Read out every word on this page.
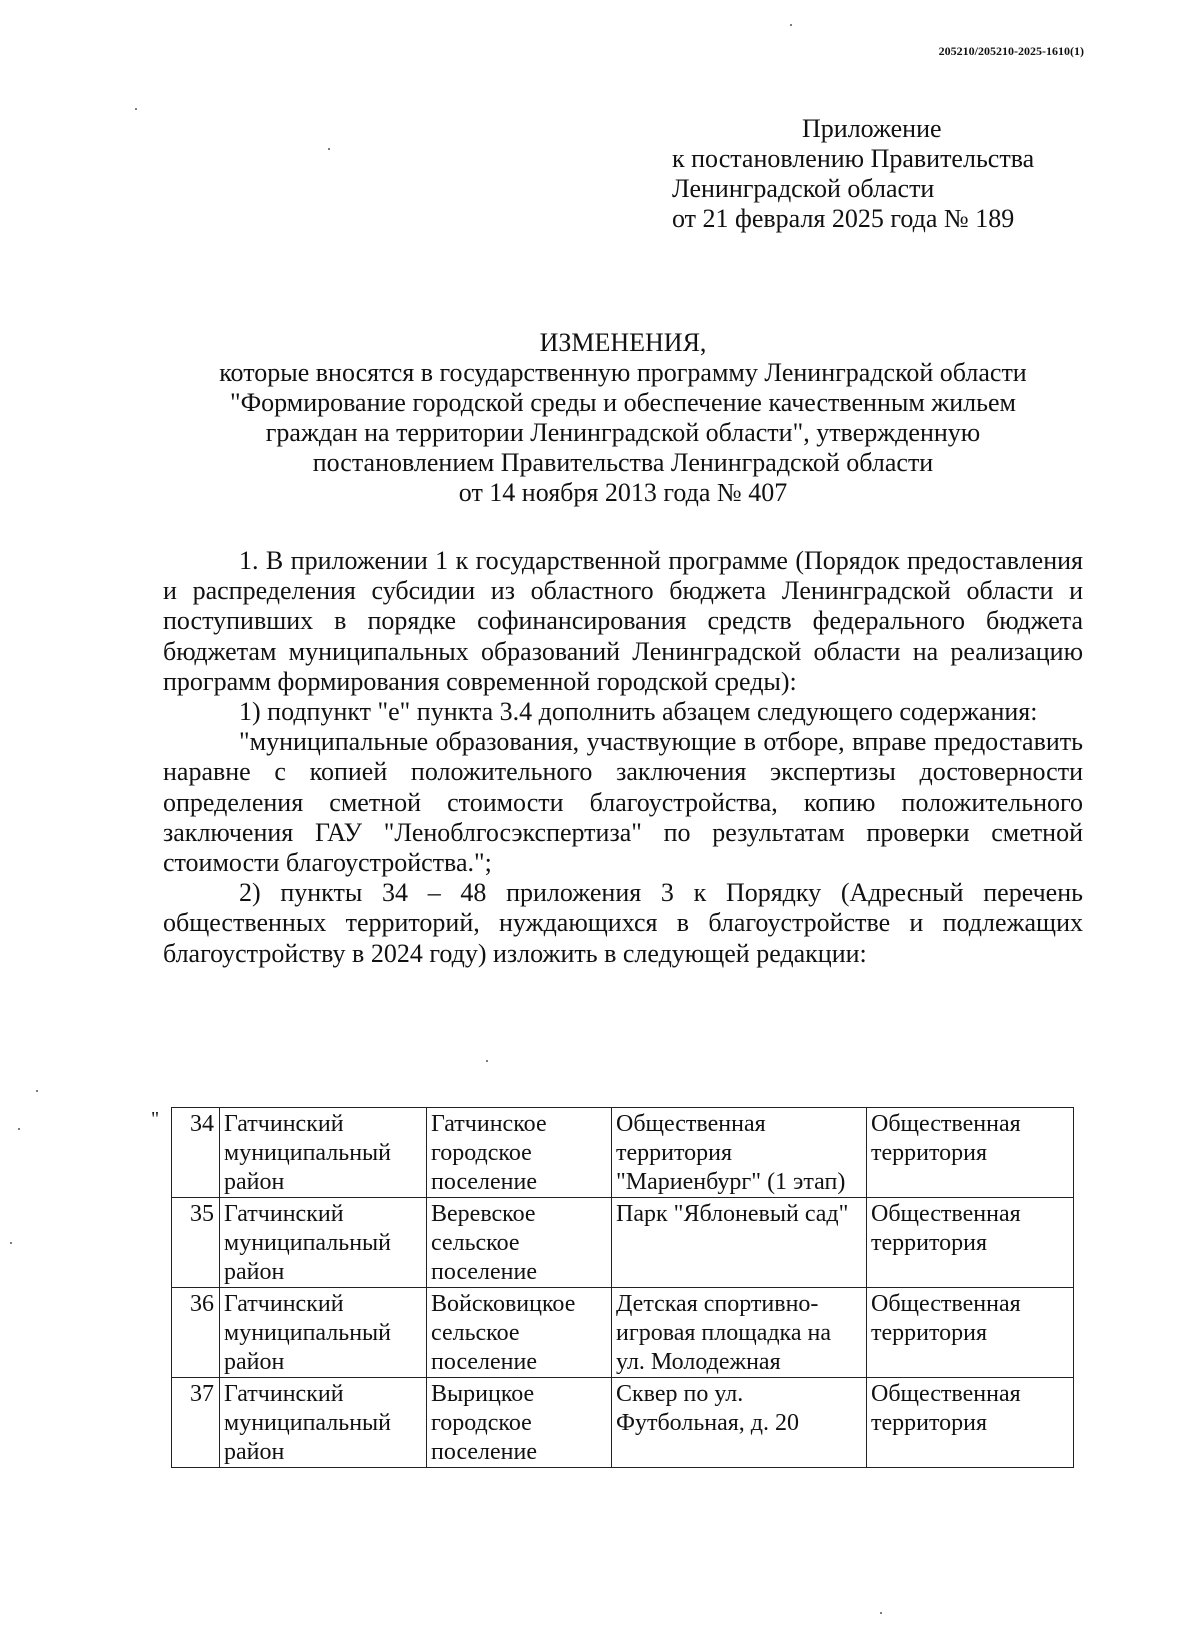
205210/205210-2025-1610(1)
Приложение
к постановлению Правительства
Ленинградской области
от 21 февраля 2025 года № 189
ИЗМЕНЕНИЯ,
которые вносятся в государственную программу Ленинградской области
"Формирование городской среды и обеспечение качественным жильем
граждан на территории Ленинградской области", утвержденную
постановлением Правительства Ленинградской области
от 14 ноября 2013 года № 407

1. В приложении 1 к государственной программе (Порядок предоставления и распределения субсидии из областного бюджета Ленинградской области и поступивших в порядке софинансирования средств федерального бюджета бюджетам муниципальных образований Ленинградской области на реализацию программ формирования современной городской среды):

1) подпункт "е" пункта 3.4 дополнить абзацем следующего содержания:

"муниципальные образования, участвующие в отборе, вправе предоставить наравне с копией положительного заключения экспертизы достоверности определения сметной стоимости благоустройства, копию положительного заключения ГАУ "Леноблгосэкспертиза" по результатам проверки сметной стоимости благоустройства.";

2) пункты 34 – 48 приложения 3 к Порядку (Адресный перечень общественных территорий, нуждающихся в благоустройстве и подлежащих благоустройству в 2024 году) изложить в следующей редакции:

" 34	Гатчинский муниципальный район	Гатчинское городское поселение	Общественная территория "Мариенбург" (1 этап)	Общественная территория
35	Гатчинский муниципальный район	Веревское сельское поселение	Парк "Яблоневый сад"	Общественная территория
36	Гатчинский муниципальный район	Войсковицкое сельское поселение	Детская спортивно-игровая площадка на ул. Молодежная	Общественная территория
37	Гатчинский муниципальный район	Вырицкое городское поселение	Сквер по ул. Футбольная, д. 20	Общественная территория
